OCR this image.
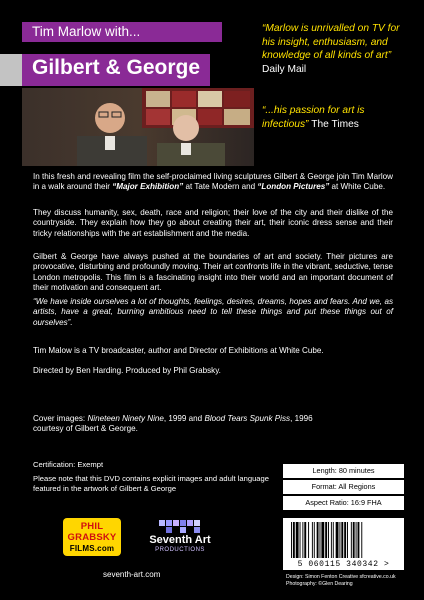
Tim Marlow with...
Gilbert & George
“Marlow is unrivalled on TV for his insight, enthusiasm, and knowledge of all kinds of art” Daily Mail
“...his passion for art is infectious” The Times

In this fresh and revealing film the self-proclaimed living sculptures Gilbert & George join Tim Marlow in a walk around their “Major Exhibition” at Tate Modern and “London Pictures” at White Cube.

They discuss humanity, sex, death, race and religion; their love of the city and their dislike of the countryside. They explain how they go about creating their art, their iconic dress sense and their tricky relationships with the art establishment and the media.
Gilbert & George have always pushed at the boundaries of art and society. Their pictures are provocative, disturbing and profoundly moving. Their art confronts life in the vibrant, seductive, tense London metropolis. This film is a fascinating insight into their world and an important document of their motivation and consequent art.
“We have inside ourselves a lot of thoughts, feelings, desires, dreams, hopes and fears. And we, as artists, have a great, burning ambitious need to tell these things and put these things out of ourselves”.
Tim Malow is a TV broadcaster, author and Director of Exhibitions at White Cube.
Directed by Ben Harding. Produced by Phil Grabsky.

Cover images: Nineteen Ninety Nine, 1999 and Blood Tears Spunk Piss, 1996

courtesy of Gilbert & George.

Certification: Exempt
Please note that this DVD contains explicit images and adult language featured in the artwork of Gilbert & George
Length: 80 minutes
Format: All Regions
Aspect Ratio: 16:9 FHA
PHIL
GRABSKY
FILMS.com
Seventh Art
PRODUCTIONS
seventh-art.com
5 060115 340342 >
Design: Simon Fenton Creative sfcreative.co.uk
Photography: ©Glen Dearing
